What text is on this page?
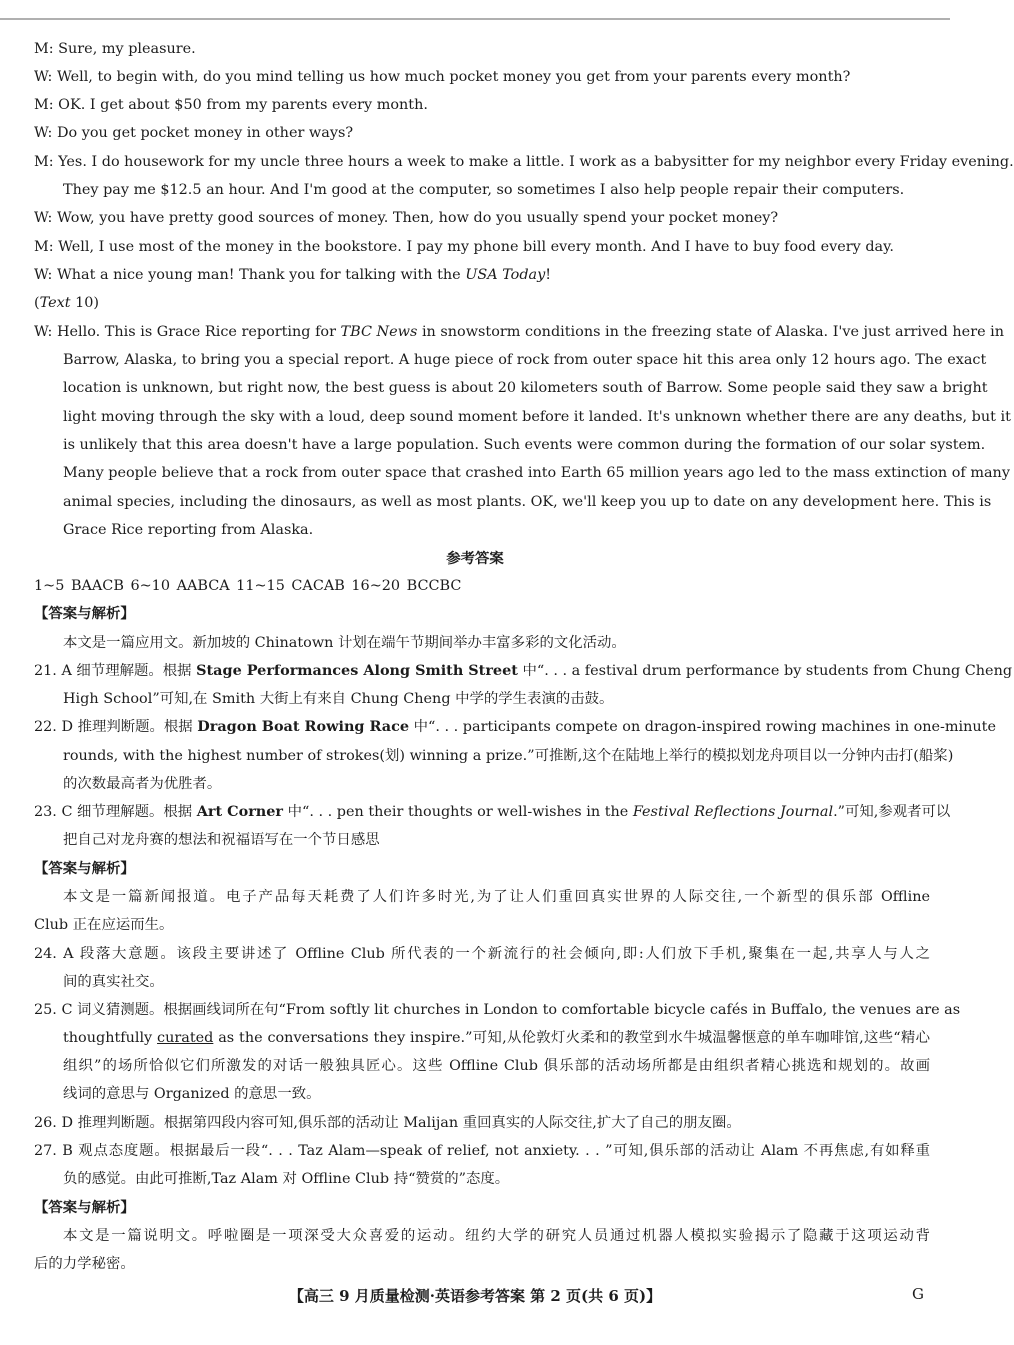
M: Sure, my pleasure.
W: Well, to begin with, do you mind telling us how much pocket money you get from your parents every month?
M: OK. I get about $50 from my parents every month.
W: Do you get pocket money in other ways?
M: Yes. I do housework for my uncle three hours a week to make a little. I work as a babysitter for my neighbor every Friday evening.
They pay me $12.5 an hour. And I'm good at the computer, so sometimes I also help people repair their computers.
W: Wow, you have pretty good sources of money. Then, how do you usually spend your pocket money?
M: Well, I use most of the money in the bookstore. I pay my phone bill every month. And I have to buy food every day.
W: What a nice young man! Thank you for talking with the USA Today!
(Text 10)
W: Hello. This is Grace Rice reporting for TBC News in snowstorm conditions in the freezing state of Alaska. I've just arrived here in
Barrow, Alaska, to bring you a special report. A huge piece of rock from outer space hit this area only 12 hours ago. The exact
location is unknown, but right now, the best guess is about 20 kilometers south of Barrow. Some people said they saw a bright
light moving through the sky with a loud, deep sound moment before it landed. It's unknown whether there are any deaths, but it
is unlikely that this area doesn't have a large population. Such events were common during the formation of our solar system.
Many people believe that a rock from outer space that crashed into Earth 65 million years ago led to the mass extinction of many
animal species, including the dinosaurs, as well as most plants. OK, we'll keep you up to date on any development here. This is
Grace Rice reporting from Alaska.
参考答案
1~5 BAACB 6~10 AABCA 11~15 CACAB 16~20 BCCBC
【答案与解析】
本文是一篇应用文。新加坡的 Chinatown 计划在端午节期间举办丰富多彩的文化活动。
21. A 细节理解题。根据 Stage Performances Along Smith Street 中“. . . a festival drum performance by students from Chung Cheng
High School”可知,在 Smith 大街上有来自 Chung Cheng 中学的学生表演的击鼓。
22. D 推理判断题。根据 Dragon Boat Rowing Race 中“. . . participants compete on dragon-inspired rowing machines in one-minute
rounds, with the highest number of strokes(划) winning a prize.”可推断,这个在陆地上举行的模拟划龙舟项目以一分钟内击打(船桨)
的次数最高者为优胜者。
23. C 细节理解题。根据 Art Corner 中“. . . pen their thoughts or well-wishes in the Festival Reflections Journal.”可知,参观者可以
把自己对龙舟赛的想法和祝福语写在一个节日感思
【答案与解析】
本文是一篇新闻报道。电子产品每天耗费了人们许多时光,为了让人们重回真实世界的人际交往,一个新型的俱乐部 Offline
Club 正在应运而生。
24. A 段落大意题。该段主要讲述了 Offline Club 所代表的一个新流行的社会倾向,即:人们放下手机,聚集在一起,共享人与人之
间的真实社交。
25. C 词义猜测题。根据画线词所在句“From softly lit churches in London to comfortable bicycle cafés in Buffalo, the venues are as
thoughtfully curated as the conversations they inspire.”可知,从伦敦灯火柔和的教堂到水牛城温馨惬意的单车咖啡馆,这些“精心
组织”的场所恰似它们所激发的对话一般独具匠心。这些 Offline Club 俱乐部的活动场所都是由组织者精心挑选和规划的。故画
线词的意思与 Organized 的意思一致。
26. D 推理判断题。根据第四段内容可知,俱乐部的活动让 Malijan 重回真实的人际交往,扩大了自己的朋友圈。
27. B 观点态度题。根据最后一段“. . . Taz Alam—speak of relief, not anxiety. . . ”可知,俱乐部的活动让 Alam 不再焦虑,有如释重
负的感觉。由此可推断,Taz Alam 对 Offline Club 持“赞赏的”态度。
【答案与解析】
本文是一篇说明文。呼啦圈是一项深受大众喜爱的运动。纽约大学的研究人员通过机器人模拟实验揭示了隐藏于这项运动背
后的力学秘密。
【高三 9 月质量检测·英语参考答案 第 2 页(共 6 页)】	G
